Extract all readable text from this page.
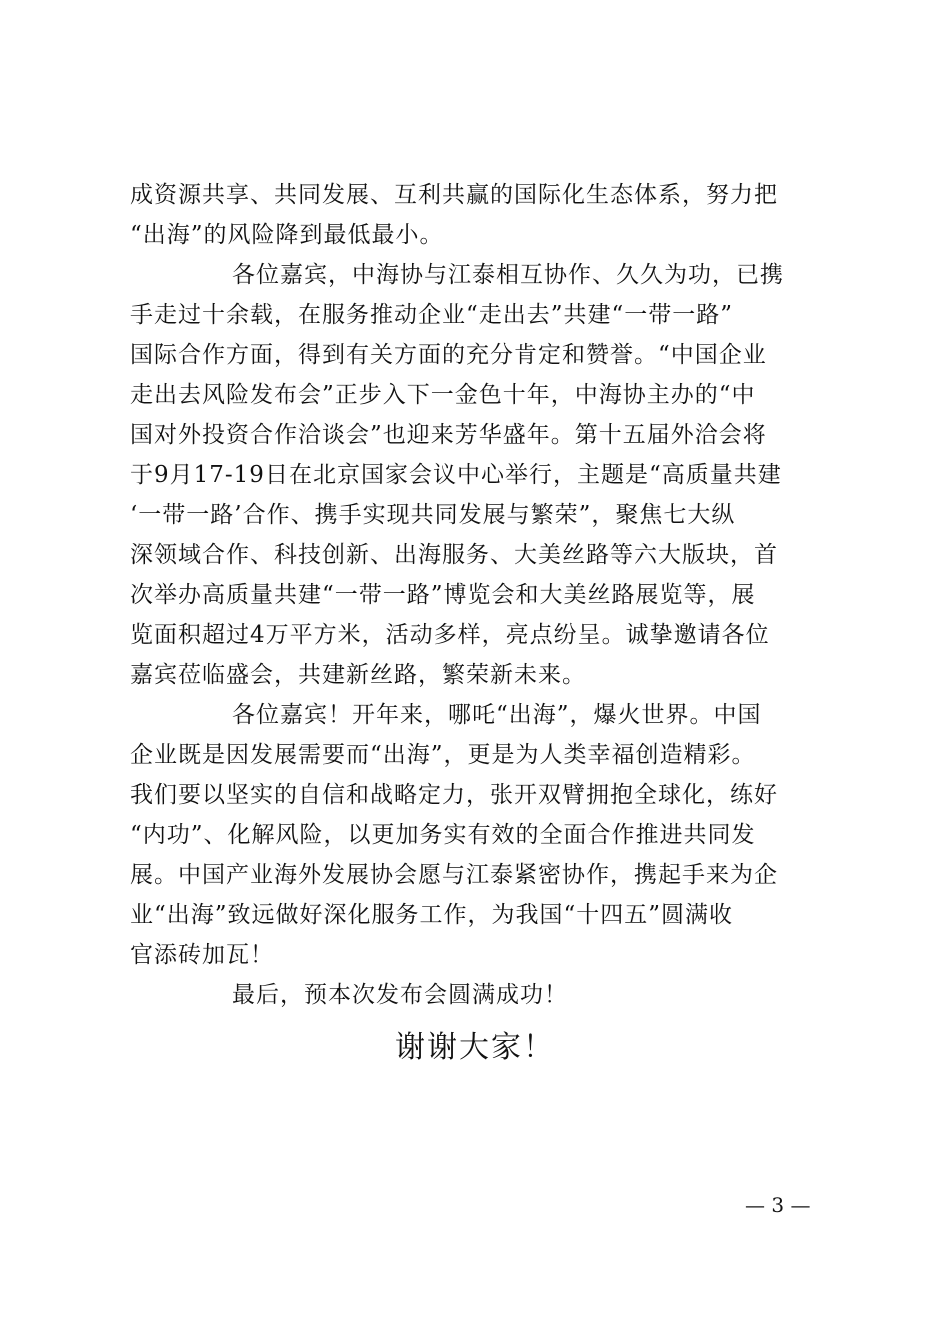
成资源共享、共同发展、互利共赢的国际化生态体系，努力把
“出海”的风险降到最低最小。
各位嘉宾，中海协与江泰相互协作、久久为功，已携
手走过十余载，在服务推动企业“走出去”共建“一带一路”
国际合作方面，得到有关方面的充分肯定和赞誉。“中国企业
走出去风险发布会”正步入下一金色十年，中海协主办的“中
国对外投资合作洽谈会”也迎来芳华盛年。第十五届外洽会将
于9月17-19日在北京国家会议中心举行，主题是“高质量共建
‘一带一路’合作、携手实现共同发展与繁荣”，聚焦七大纵
深领域合作、科技创新、出海服务、大美丝路等六大版块，首
次举办高质量共建“一带一路”博览会和大美丝路展览等，展
览面积超过4万平方米，活动多样，亮点纷呈。诚挚邀请各位
嘉宾莅临盛会，共建新丝路，繁荣新未来。
各位嘉宾！开年来，哪吒“出海”，爆火世界。中国
企业既是因发展需要而“出海”，更是为人类幸福创造精彩。
我们要以坚实的自信和战略定力，张开双臂拥抱全球化，练好
“内功”、化解风险，以更加务实有效的全面合作推进共同发
展。中国产业海外发展协会愿与江泰紧密协作，携起手来为企
业“出海”致远做好深化服务工作，为我国“十四五”圆满收
官添砖加瓦！
最后，预本次发布会圆满成功！
谢谢大家！
— 3 —
